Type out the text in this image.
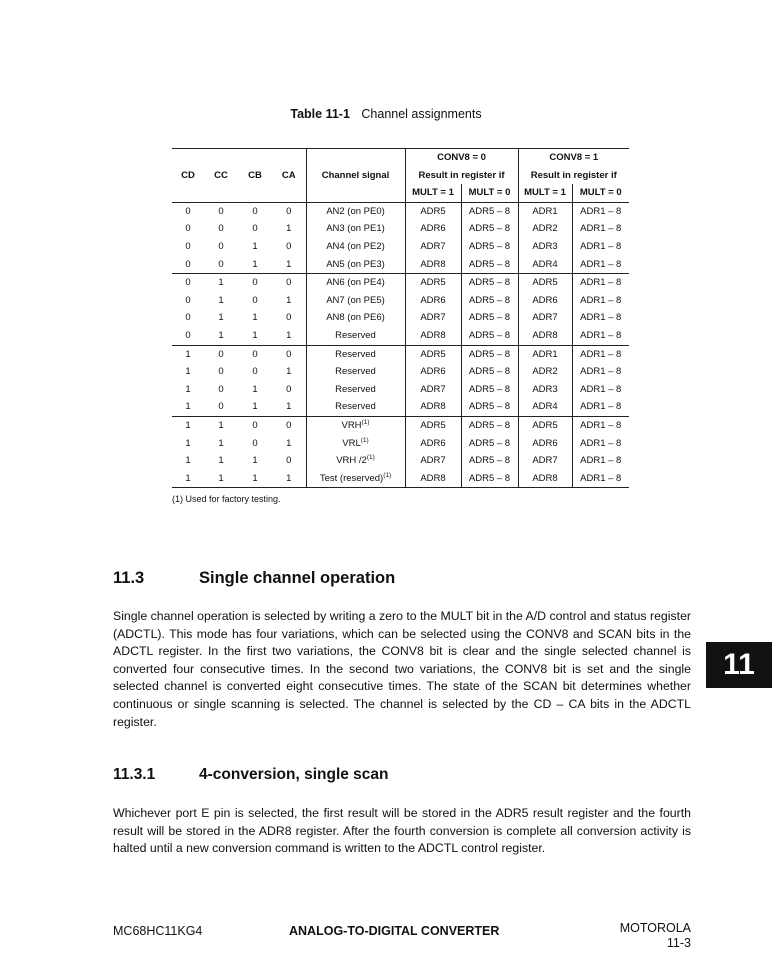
Table 11-1 Channel assignments
					CONV8 = 0		CONV8 = 1	
CD	CC	CB	CA	Channel signal	Result in register if		Result in register if	
					MULT = 1	MULT = 0	MULT = 1	MULT = 0
0	0	0	0	AN2 (on PE0)	ADR5	ADR5 – 8	ADR1	ADR1 – 8
0	0	0	1	AN3 (on PE1)	ADR6	ADR5 – 8	ADR2	ADR1 – 8
0	0	1	0	AN4 (on PE2)	ADR7	ADR5 – 8	ADR3	ADR1 – 8
0	0	1	1	AN5 (on PE3)	ADR8	ADR5 – 8	ADR4	ADR1 – 8
0	1	0	0	AN6 (on PE4)	ADR5	ADR5 – 8	ADR5	ADR1 – 8
0	1	0	1	AN7 (on PE5)	ADR6	ADR5 – 8	ADR6	ADR1 – 8
0	1	1	0	AN8 (on PE6)	ADR7	ADR5 – 8	ADR7	ADR1 – 8
0	1	1	1	Reserved	ADR8	ADR5 – 8	ADR8	ADR1 – 8
1	0	0	0	Reserved	ADR5	ADR5 – 8	ADR1	ADR1 – 8
1	0	0	1	Reserved	ADR6	ADR5 – 8	ADR2	ADR1 – 8
1	0	1	0	Reserved	ADR7	ADR5 – 8	ADR3	ADR1 – 8
1	0	1	1	Reserved	ADR8	ADR5 – 8	ADR4	ADR1 – 8
1	1	0	0	VRH$^{(1)}$	ADR5	ADR5 – 8	ADR5	ADR1 – 8
1	1	0	1	VRL$^{(1)}$	ADR6	ADR5 – 8	ADR6	ADR1 – 8
1	1	1	0	VRH /2$^{(1)}$	ADR7	ADR5 – 8	ADR7	ADR1 – 8
1	1	1	1	Test (reserved)$^{(1)}$	ADR8	ADR5 – 8	ADR8	ADR1 – 8
(1) Used for factory testing.
11.3	Single channel operation

Single channel operation is selected by writing a zero to the MULT bit in the A/D control and status register (ADCTL). This mode has four variations, which can be selected using the CONV8 and SCAN bits in the ADCTL register. In the first two variations, the CONV8 bit is clear and the single selected channel is converted four consecutive times. In the second two variations, the CONV8 bit is set and the single selected channel is converted eight consecutive times. The state of the SCAN bit determines whether continuous or single scanning is selected. The channel is selected by the CD – CA bits in the ADCTL register.

11.3.1	4-conversion, single scan

Whichever port E pin is selected, the first result will be stored in the ADR5 result register and the fourth result will be stored in the ADR8 register. After the fourth conversion is complete all conversion activity is halted until a new conversion command is written to the ADCTL control register.

11
MC68HC11KG4	ANALOG-TO-DIGITAL CONVERTER	MOTOROLA
11-3
